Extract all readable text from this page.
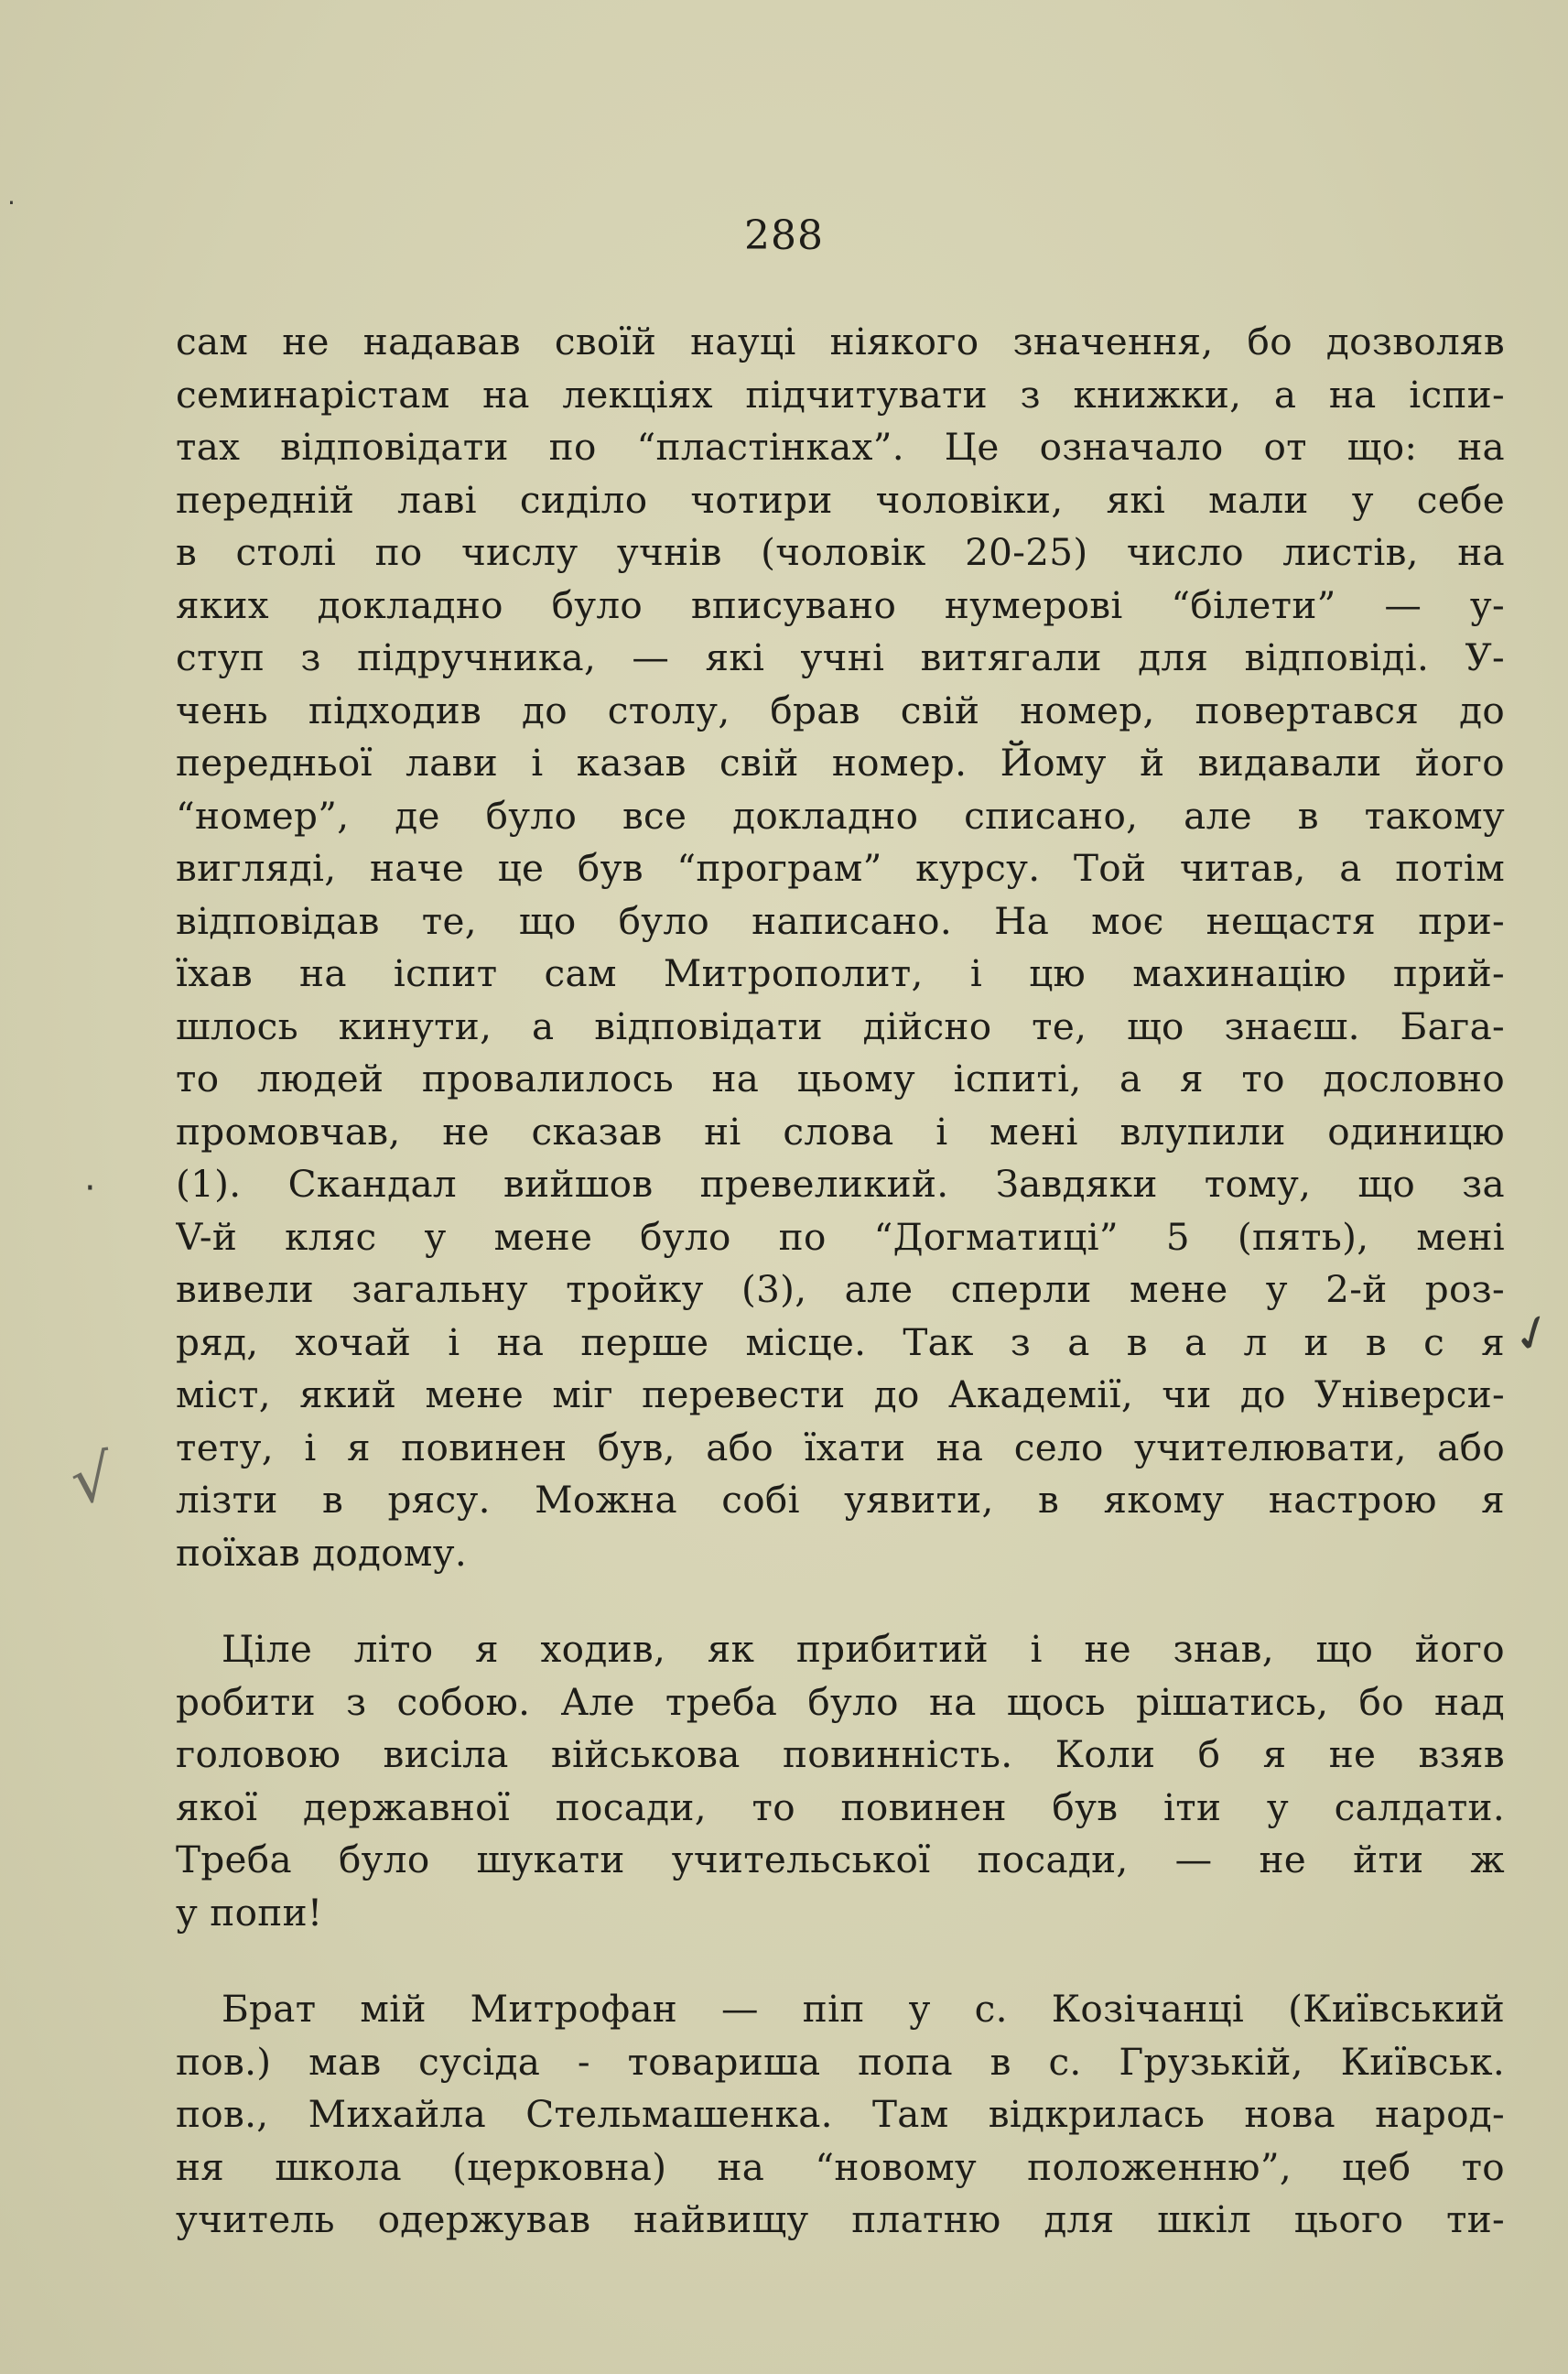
288
сам не надавав своїй науці ніякого значення, бо дозволяв
семинарістам на лекціях підчитувати з книжки, а на іспи-
тах відповідати по “пластінках”. Це означало от що: на
передній лаві сиділо чотири чоловіки, які мали у себе
в столі по числу учнів (чоловік 20-25) число листів, на
яких докладно було вписувано нумерові “білети” — у-
ступ з підручника, — які учні витягали для відповіді. У-
чень підходив до столу, брав свій номер, повертався до
передньої лави і казав свій номер. Йому й видавали його
“номер”, де було все докладно списано, але в такому
вигляді, наче це був “програм” курсу. Той читав, а потім
відповідав те, що було написано. На моє нещастя при-
їхав на іспит сам Митрополит, і цю махинацію прий-
шлось кинути, а відповідати дійсно те, що знаєш. Бага-
то людей провалилось на цьому іспиті, а я то дословно
промовчав, не сказав ні слова і мені влупили одиницю
(1). Скандал вийшов превеликий. Завдяки тому, що за
V-й кляс у мене було по “Догматиці” 5 (пять), мені
вивели загальну тройку (3), але сперли мене у 2-й роз-
ряд, хочай і на перше місце. Так з а в а л и в с я
міст, який мене міг перевести до Академії, чи до Універси-
тету, і я повинен був, або їхати на село учителювати, або
лізти в рясу. Можна собі уявити, в якому настрою я
поїхав додому.
Ціле літо я ходив, як прибитий і не знав, що його
робити з собою. Але треба було на щось рішатись, бо над
головою висіла військова повинність. Коли б я не взяв
якої державної посади, то повинен був іти у салдати.
Треба було шукати учительської посади, — не йти ж
у попи!
Брат мій Митрофан — піп у с. Козічанці (Київський
пов.) мав сусіда - товариша попа в с. Грузькій, Київськ.
пов., Михайла Стельмашенка. Там відкрилась нова народ-
ня школа (церковна) на “новому положенню”, цеб то
учитель одержував найвищу платню для шкіл цього ти-
✓
√
·
·
